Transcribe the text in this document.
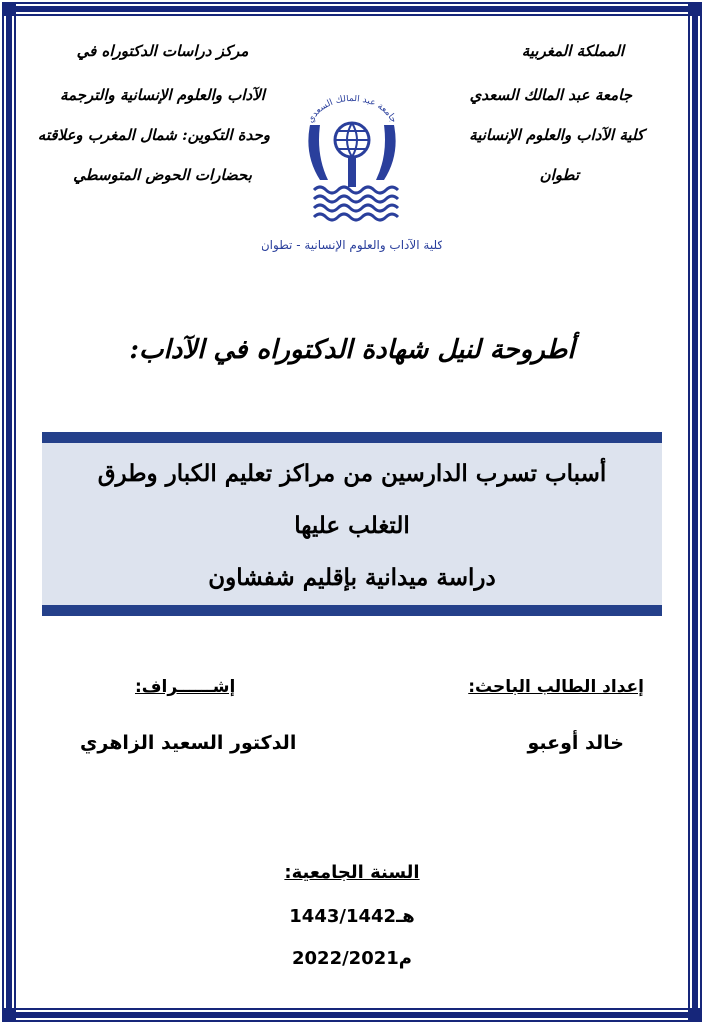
المملكة المغربية
جامعة عبد المالك السعدي
كلية الآداب والعلوم الإنسانية
تطوان
مركز دراسات الدكتوراه في
الآداب والعلوم الإنسانية والترجمة
وحدة التكوين: شمال المغرب وعلاقته
بحضارات الحوض المتوسطي
جامعة عبد المالك السعدي
كلية الآداب والعلوم الإنسانية - تطوان
أطروحة لنيل شهادة الدكتوراه في الآداب:
أسباب تسرب الدارسين من مراكز تعليم الكبار وطرق
التغلب عليها
دراسة ميدانية بإقليم شفشاون
إعداد الطالب الباحث:
إشــــــراف:
خالد أوعبو
الدكتور السعيد الزاهري
السنة الجامعية:
1443/1442هـ
2022/2021م
